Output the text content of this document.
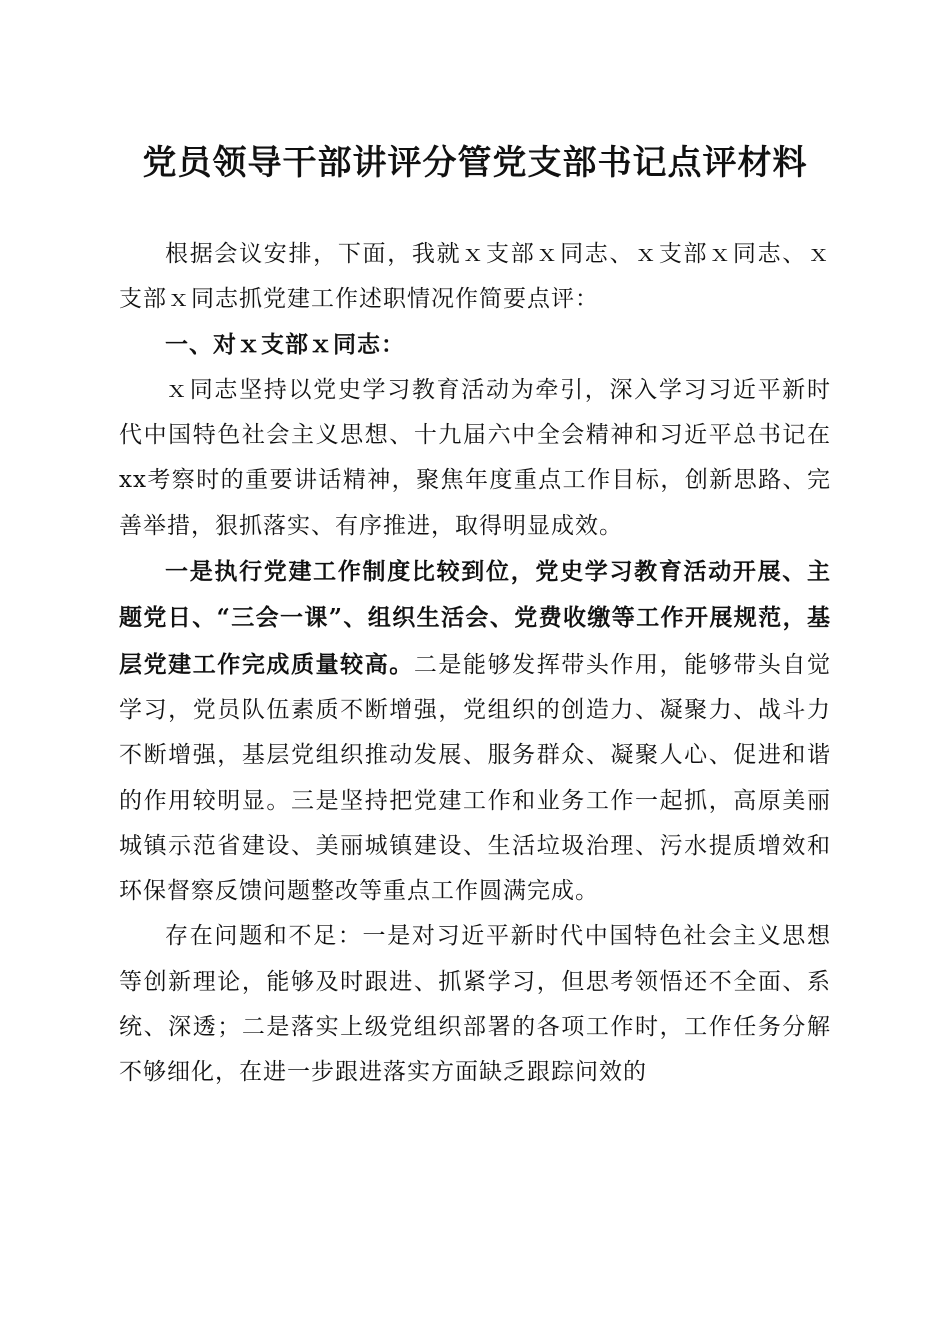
党员领导干部讲评分管党支部书记点评材料

根据会议安排，下面，我就ｘ支部ｘ同志、ｘ支部ｘ同志、ｘ支部ｘ同志抓党建工作述职情况作简要点评：

一、对ｘ支部ｘ同志：

ｘ同志坚持以党史学习教育活动为牵引，深入学习习近平新时代中国特色社会主义思想、十九届六中全会精神和习近平总书记在xx考察时的重要讲话精神，聚焦年度重点工作目标，创新思路、完善举措，狠抓落实、有序推进，取得明显成效。

一是执行党建工作制度比较到位，党史学习教育活动开展、主题党日、“三会一课”、组织生活会、党费收缴等工作开展规范，基层党建工作完成质量较高。二是能够发挥带头作用，能够带头自觉学习，党员队伍素质不断增强，党组织的创造力、凝聚力、战斗力不断增强，基层党组织推动发展、服务群众、凝聚人心、促进和谐的作用较明显。三是坚持把党建工作和业务工作一起抓，高原美丽城镇示范省建设、美丽城镇建设、生活垃圾治理、污水提质增效和环保督察反馈问题整改等重点工作圆满完成。

存在问题和不足：一是对习近平新时代中国特色社会主义思想等创新理论，能够及时跟进、抓紧学习，但思考领悟还不全面、系统、深透；二是落实上级党组织部署的各项工作时，工作任务分解不够细化，在进一步跟进落实方面缺乏跟踪问效的
